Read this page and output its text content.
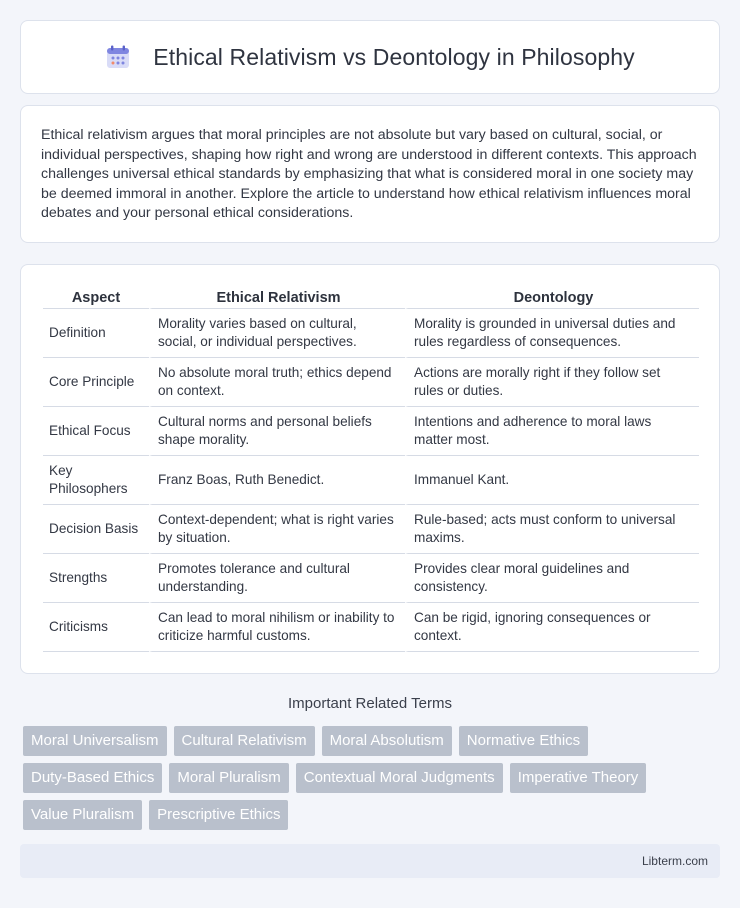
Ethical Relativism vs Deontology in Philosophy

Ethical relativism argues that moral principles are not absolute but vary based on cultural, social, or individual perspectives, shaping how right and wrong are understood in different contexts. This approach challenges universal ethical standards by emphasizing that what is considered moral in one society may be deemed immoral in another. Explore the article to understand how ethical relativism influences moral debates and your personal ethical considerations.

Aspect	Ethical Relativism	Deontology
Definition	Morality varies based on cultural, social, or individual perspectives.	Morality is grounded in universal duties and rules regardless of consequences.
Core Principle	No absolute moral truth; ethics depend on context.	Actions are morally right if they follow set rules or duties.
Ethical Focus	Cultural norms and personal beliefs shape morality.	Intentions and adherence to moral laws matter most.
Key Philosophers	Franz Boas, Ruth Benedict.	Immanuel Kant.
Decision Basis	Context-dependent; what is right varies by situation.	Rule-based; acts must conform to universal maxims.
Strengths	Promotes tolerance and cultural understanding.	Provides clear moral guidelines and consistency.
Criticisms	Can lead to moral nihilism or inability to criticize harmful customs.	Can be rigid, ignoring consequences or context.
Important Related Terms
Moral Universalism	Cultural Relativism	Moral Absolutism	Normative Ethics
Duty-Based Ethics	Moral Pluralism	Contextual Moral Judgments	Imperative Theory
Value Pluralism	Prescriptive Ethics
Libterm.com
